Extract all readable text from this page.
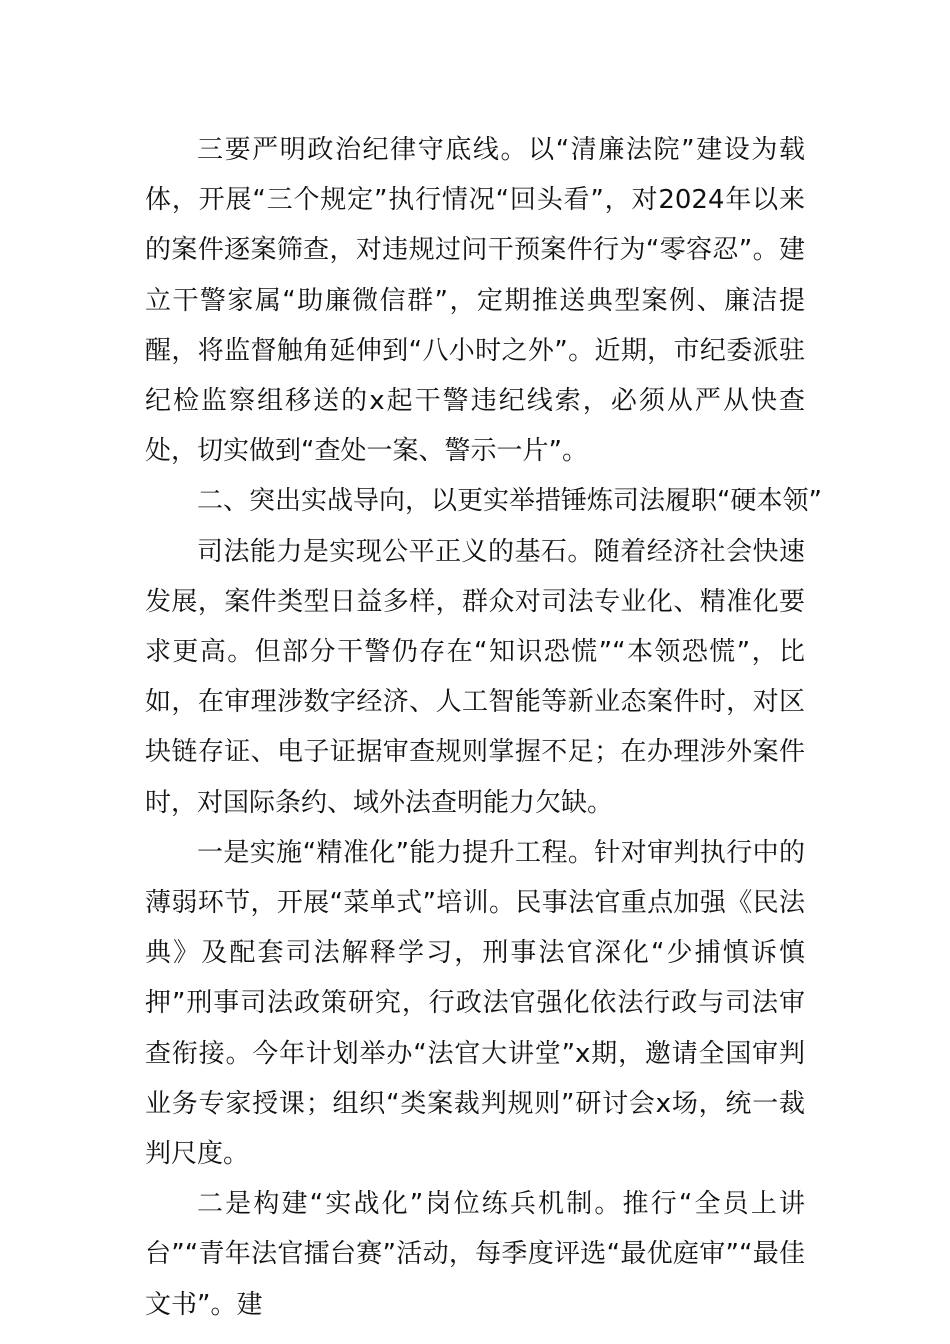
三要严明政治纪律守底线。以“清廉法院”建设为载体，开展“三个规定”执行情况“回头看”，对2024年以来的案件逐案筛查，对违规过问干预案件行为“零容忍”。建立干警家属“助廉微信群”，定期推送典型案例、廉洁提醒，将监督触角延伸到“八小时之外”。近期，市纪委派驻纪检监察组移送的x起干警违纪线索，必须从严从快查处，切实做到“查处一案、警示一片”。

二、突出实战导向，以更实举措锤炼司法履职“硬本领”

司法能力是实现公平正义的基石。随着经济社会快速发展，案件类型日益多样，群众对司法专业化、精准化要求更高。但部分干警仍存在“知识恐慌”“本领恐慌”，比如，在审理涉数字经济、人工智能等新业态案件时，对区块链存证、电子证据审查规则掌握不足；在办理涉外案件时，对国际条约、域外法查明能力欠缺。

一是实施“精准化”能力提升工程。针对审判执行中的薄弱环节，开展“菜单式”培训。民事法官重点加强《民法典》及配套司法解释学习，刑事法官深化“少捕慎诉慎押”刑事司法政策研究，行政法官强化依法行政与司法审查衔接。今年计划举办“法官大讲堂”x期，邀请全国审判业务专家授课；组织“类案裁判规则”研讨会x场，统一裁判尺度。

二是构建“实战化”岗位练兵机制。推行“全员上讲台”“青年法官擂台赛”活动，每季度评选“最优庭审”“最佳文书”。建
